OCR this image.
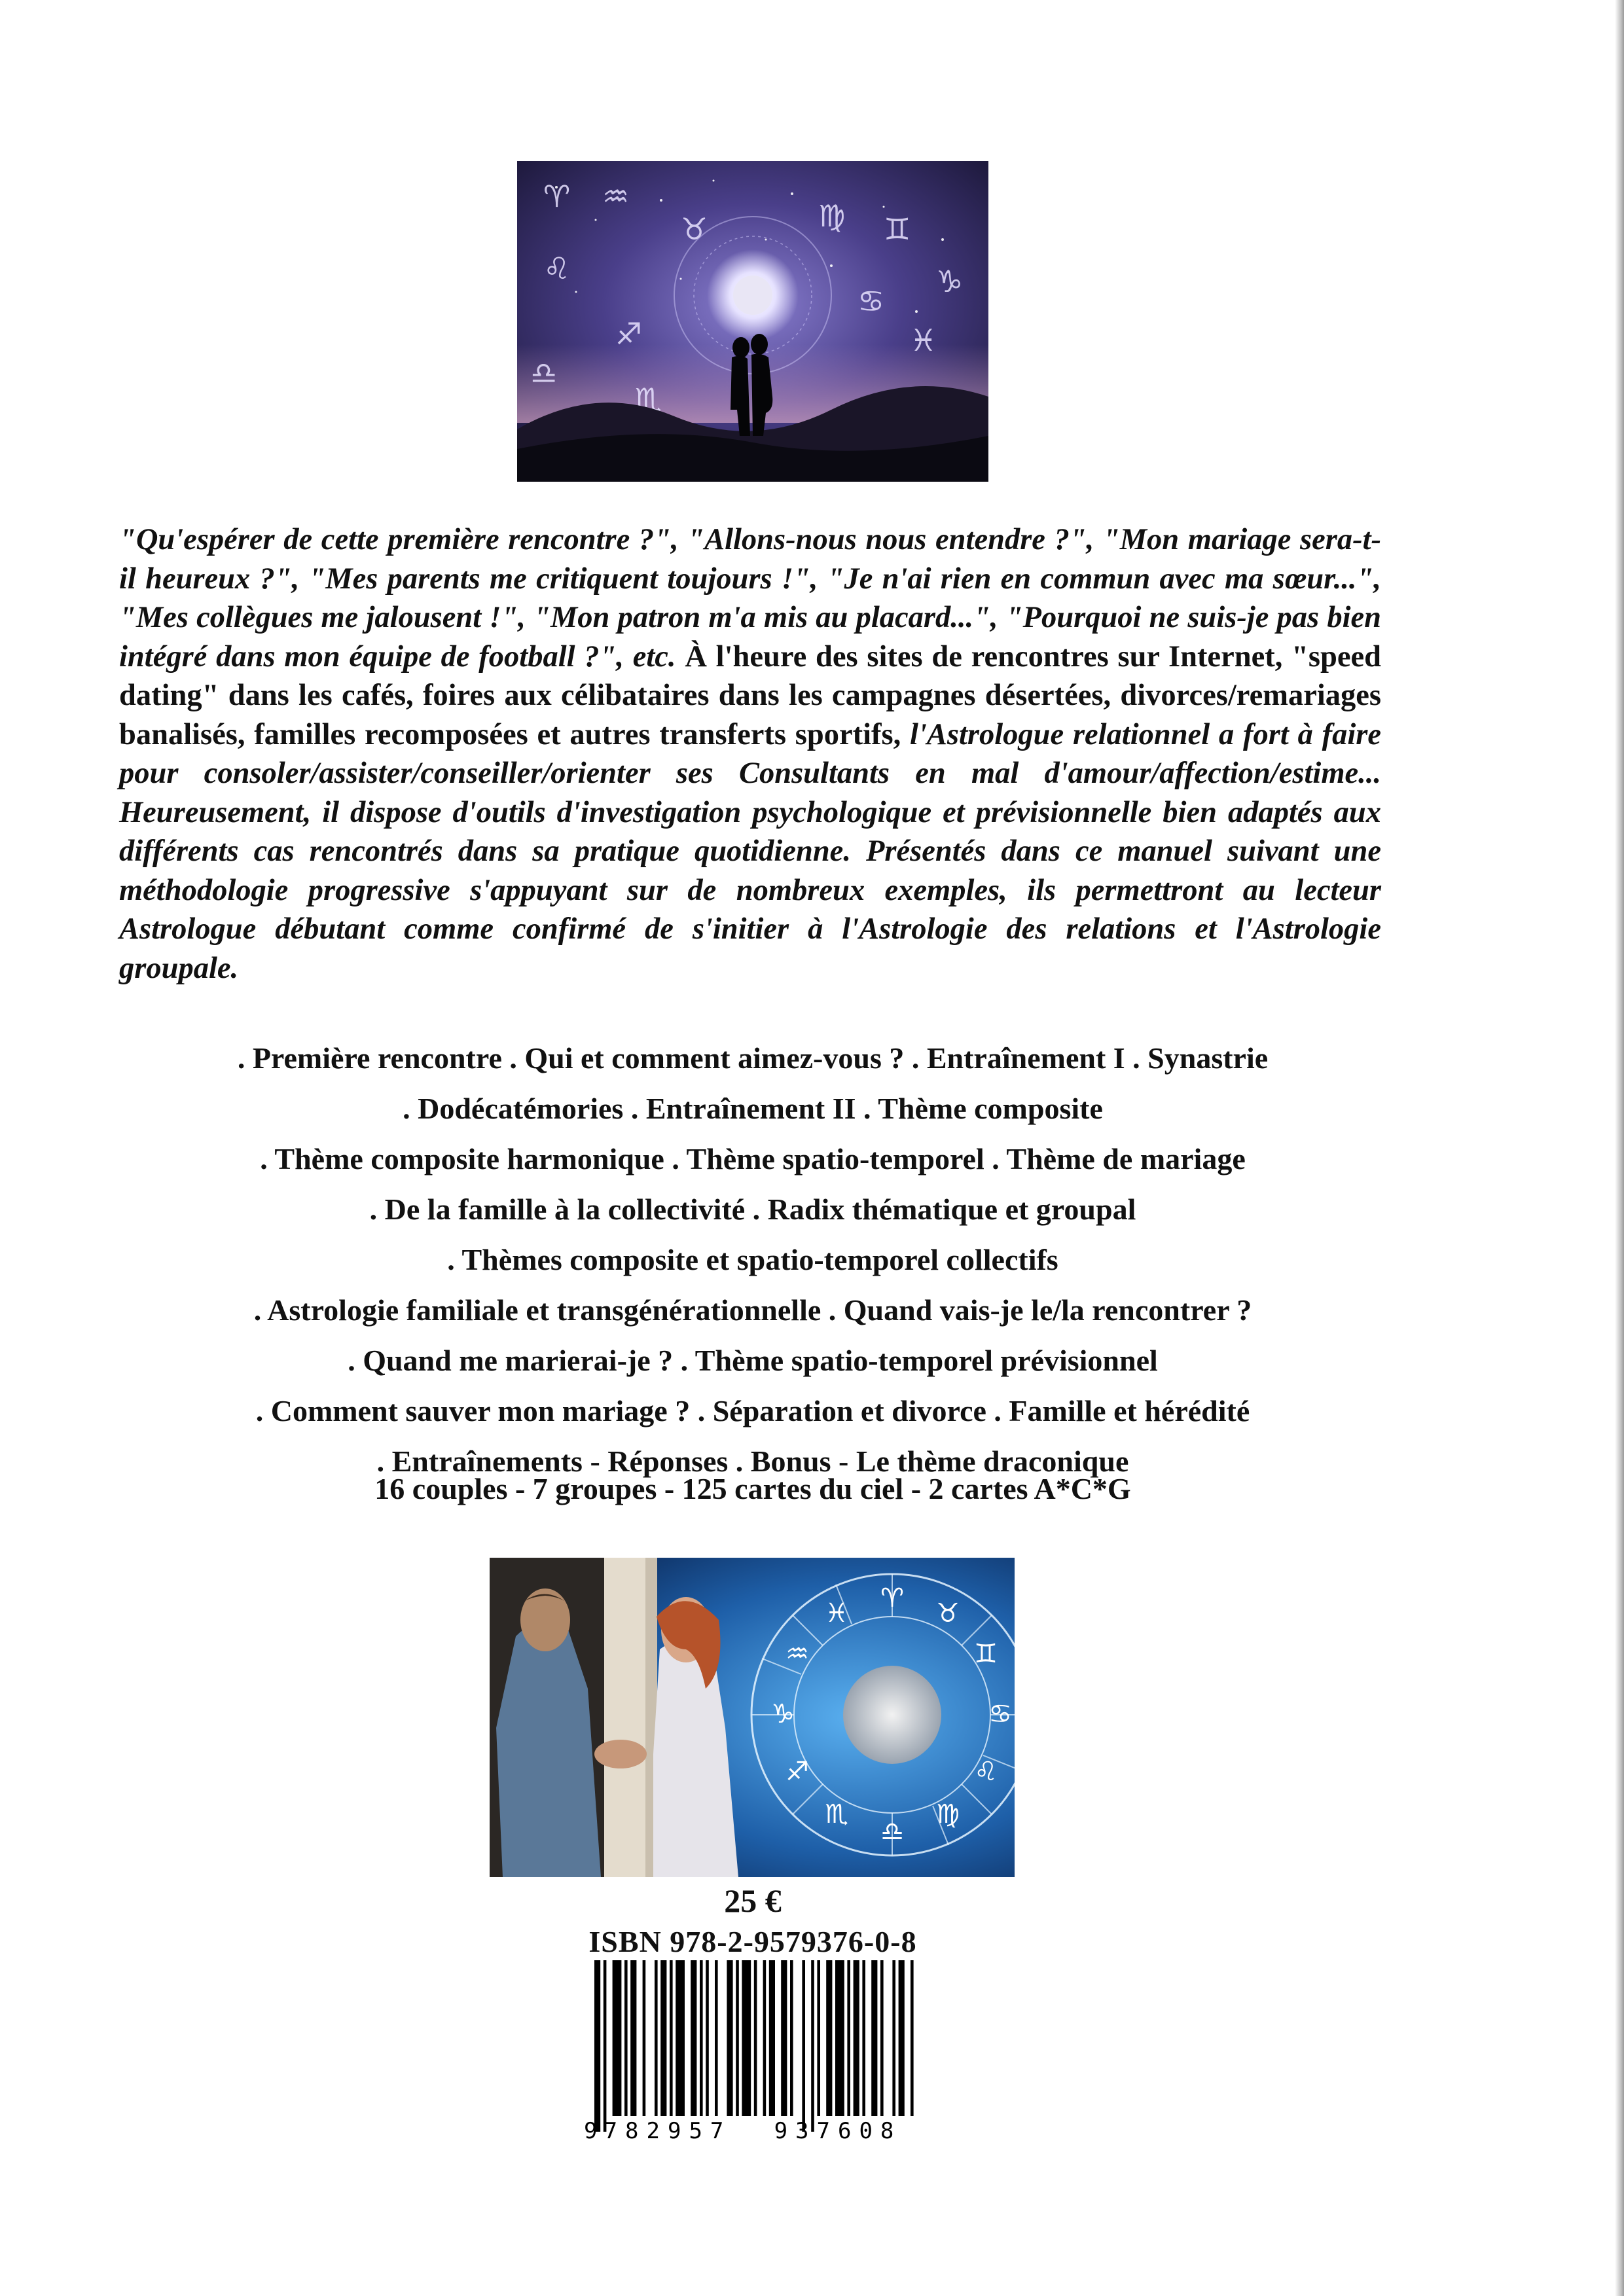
♈ ♒
♌
♊
♋
♏
♐	♓
♉	♍
♎
♑
"Qu'espérer de cette première rencontre ?", "Allons-nous nous entendre ?", "Mon mariage sera-t-il heureux ?", "Mes parents me critiquent toujours !", "Je n'ai rien en commun avec ma sœur...", "Mes collègues me jalousent !", "Mon patron m'a mis au placard...", "Pourquoi ne suis-je pas bien intégré dans mon équipe de football ?", etc. À l'heure des sites de rencontres sur Internet, "speed dating" dans les cafés, foires aux célibataires dans les campagnes désertées, divorces/remariages banalisés, familles recomposées et autres transferts sportifs, l'Astrologue relationnel a fort à faire pour consoler/assister/conseiller/orienter ses Consultants en mal d'amour/affection/estime... Heureusement, il dispose d'outils d'investigation psychologique et prévisionnelle bien adaptés aux différents cas rencontrés dans sa pratique quotidienne. Présentés dans ce manuel suivant une méthodologie progressive s'appuyant sur de nombreux exemples, ils permettront au lecteur Astrologue débutant comme confirmé de s'initier à l'Astrologie des relations et l'Astrologie groupale.
. Première rencontre . Qui et comment aimez-vous ? . Entraînement I . Synastrie
. Dodécatémories . Entraînement II . Thème composite
. Thème composite harmonique . Thème spatio-temporel . Thème de mariage
. De la famille à la collectivité . Radix thématique et groupal
. Thèmes composite et spatio-temporel collectifs
. Astrologie familiale et transgénérationnelle . Quand vais-je le/la rencontrer ?
. Quand me marierai-je ? . Thème spatio-temporel prévisionnel
. Comment sauver mon mariage ? . Séparation et divorce . Famille et hérédité
. Entraînements - Réponses . Bonus - Le thème draconique
16 couples - 7 groupes - 125 cartes du ciel - 2 cartes A*C*G
♈ ♉
♊
♋
♌
♍
♎
♏
♐
♑
♒
♓
25 €
ISBN 978-2-9579376-0-8
9
782957 937608
